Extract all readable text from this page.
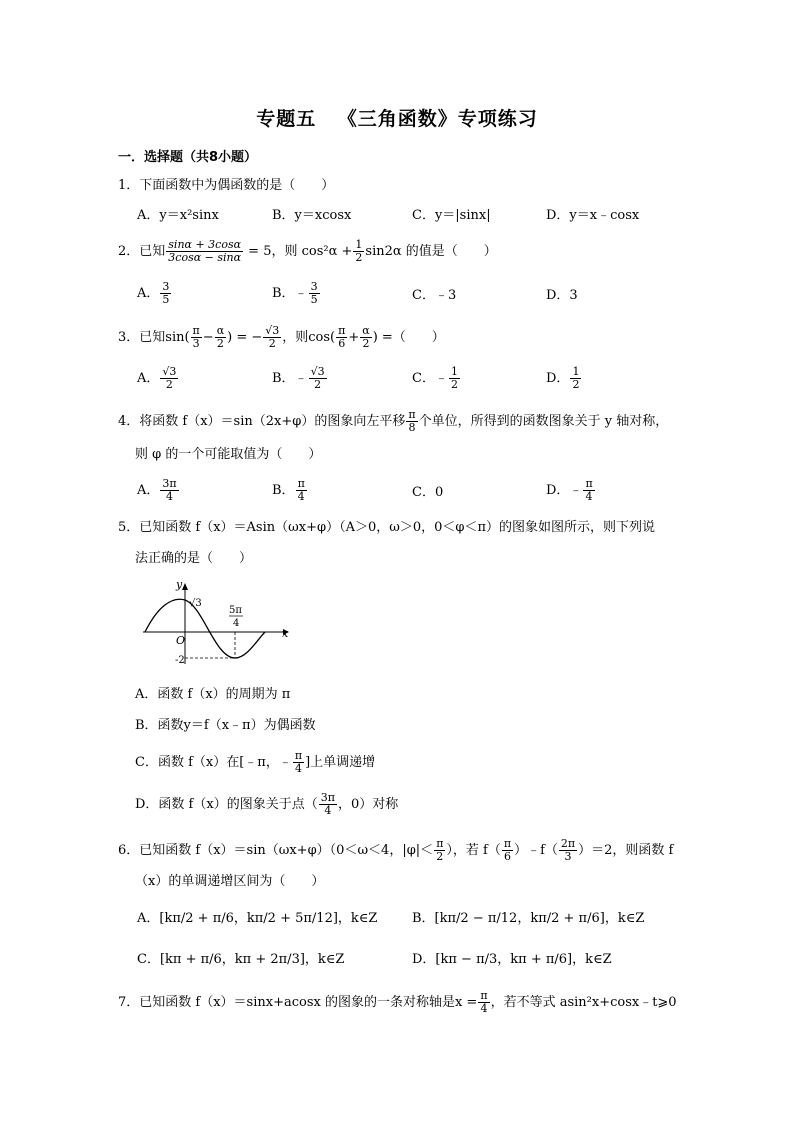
专题五 《三角函数》专项练习
一．选择题（共8小题）
1．下面函数中为偶函数的是（　　）
A．y＝x²sinx	B．y＝xcosx	C．y＝|sinx|	D．y＝x﹣cosx
2．已知 $\frac{\sin\alpha + 3\cos\alpha}{3\cos\alpha - \sin\alpha} = 5$，则 $\cos^2\alpha + \frac{1}{2} \sin 2\alpha$ 的值是（　　）
A． $\frac{3}{5}$	B．﹣ $\frac{3}{5}$	C．﹣3	D．3
3．已知$\sin( \frac{\pi}{3} - \frac{\alpha}{2}$ ) = − $\frac{√3}{2}$ ，则$\cos( \frac{\pi}{6} + \frac{\alpha}{2}$ ) =（　　）
A． $\frac{√3}{2}$	B．﹣ $\frac{√3}{2}$	C．﹣ $\frac{1}{2}$	D． $\frac{1}{2}$
4．将函数 f（x）＝sin（2x+φ）的图象向左平移 $\frac{\pi}{8}$ 个单位，所得到的函数图象关于 y 轴对称，
则 φ 的一个可能取值为（　　）
A． $\frac{3\pi}{4}$	B． $\frac{\pi}{4}$	C．0	D．﹣ $\frac{\pi}{4}$
5．已知函数 f（x）＝Asin（ωx+φ）（A＞0，ω＞0，0＜φ＜π）的图象如图所示，则下列说
法正确的是（　　）
y
x
O
√3
5π
4
-2
A．函数 f（x）的周期为 π
B．函数y＝f（x﹣π）为偶函数
C．函数 f（x）在[﹣π，﹣ $\frac{\pi}{4}$ ]上单调递增
D．函数 f（x）的图象关于点（ $\frac{3\pi}{4}$ ，0）对称
6．已知函数 f（x）＝sin（ωx+φ）（0＜ω＜4，$|\varphi|< \frac{\pi}{2}$ ），若 $f( \frac{\pi}{6}$ ）﹣f（ $\frac{2\pi}{3} )=2$，则函数 f
（x）的单调递增区间为（　　）
A．[kπ/2 + π/6，kπ/2 + 5π/12]，k∈Z	B．[kπ/2 − π/12，kπ/2 + π/6]，k∈Z
C．[kπ + π/6，kπ + 2π/3]，k∈Z	D．[kπ − π/3，kπ + π/6]，k∈Z
7．已知函数 f（x）＝sinx+acosx 的图象的一条对称轴是$x = \frac{\pi}{4}$ ，若不等式 asin²x+cosx﹣t⩾0
